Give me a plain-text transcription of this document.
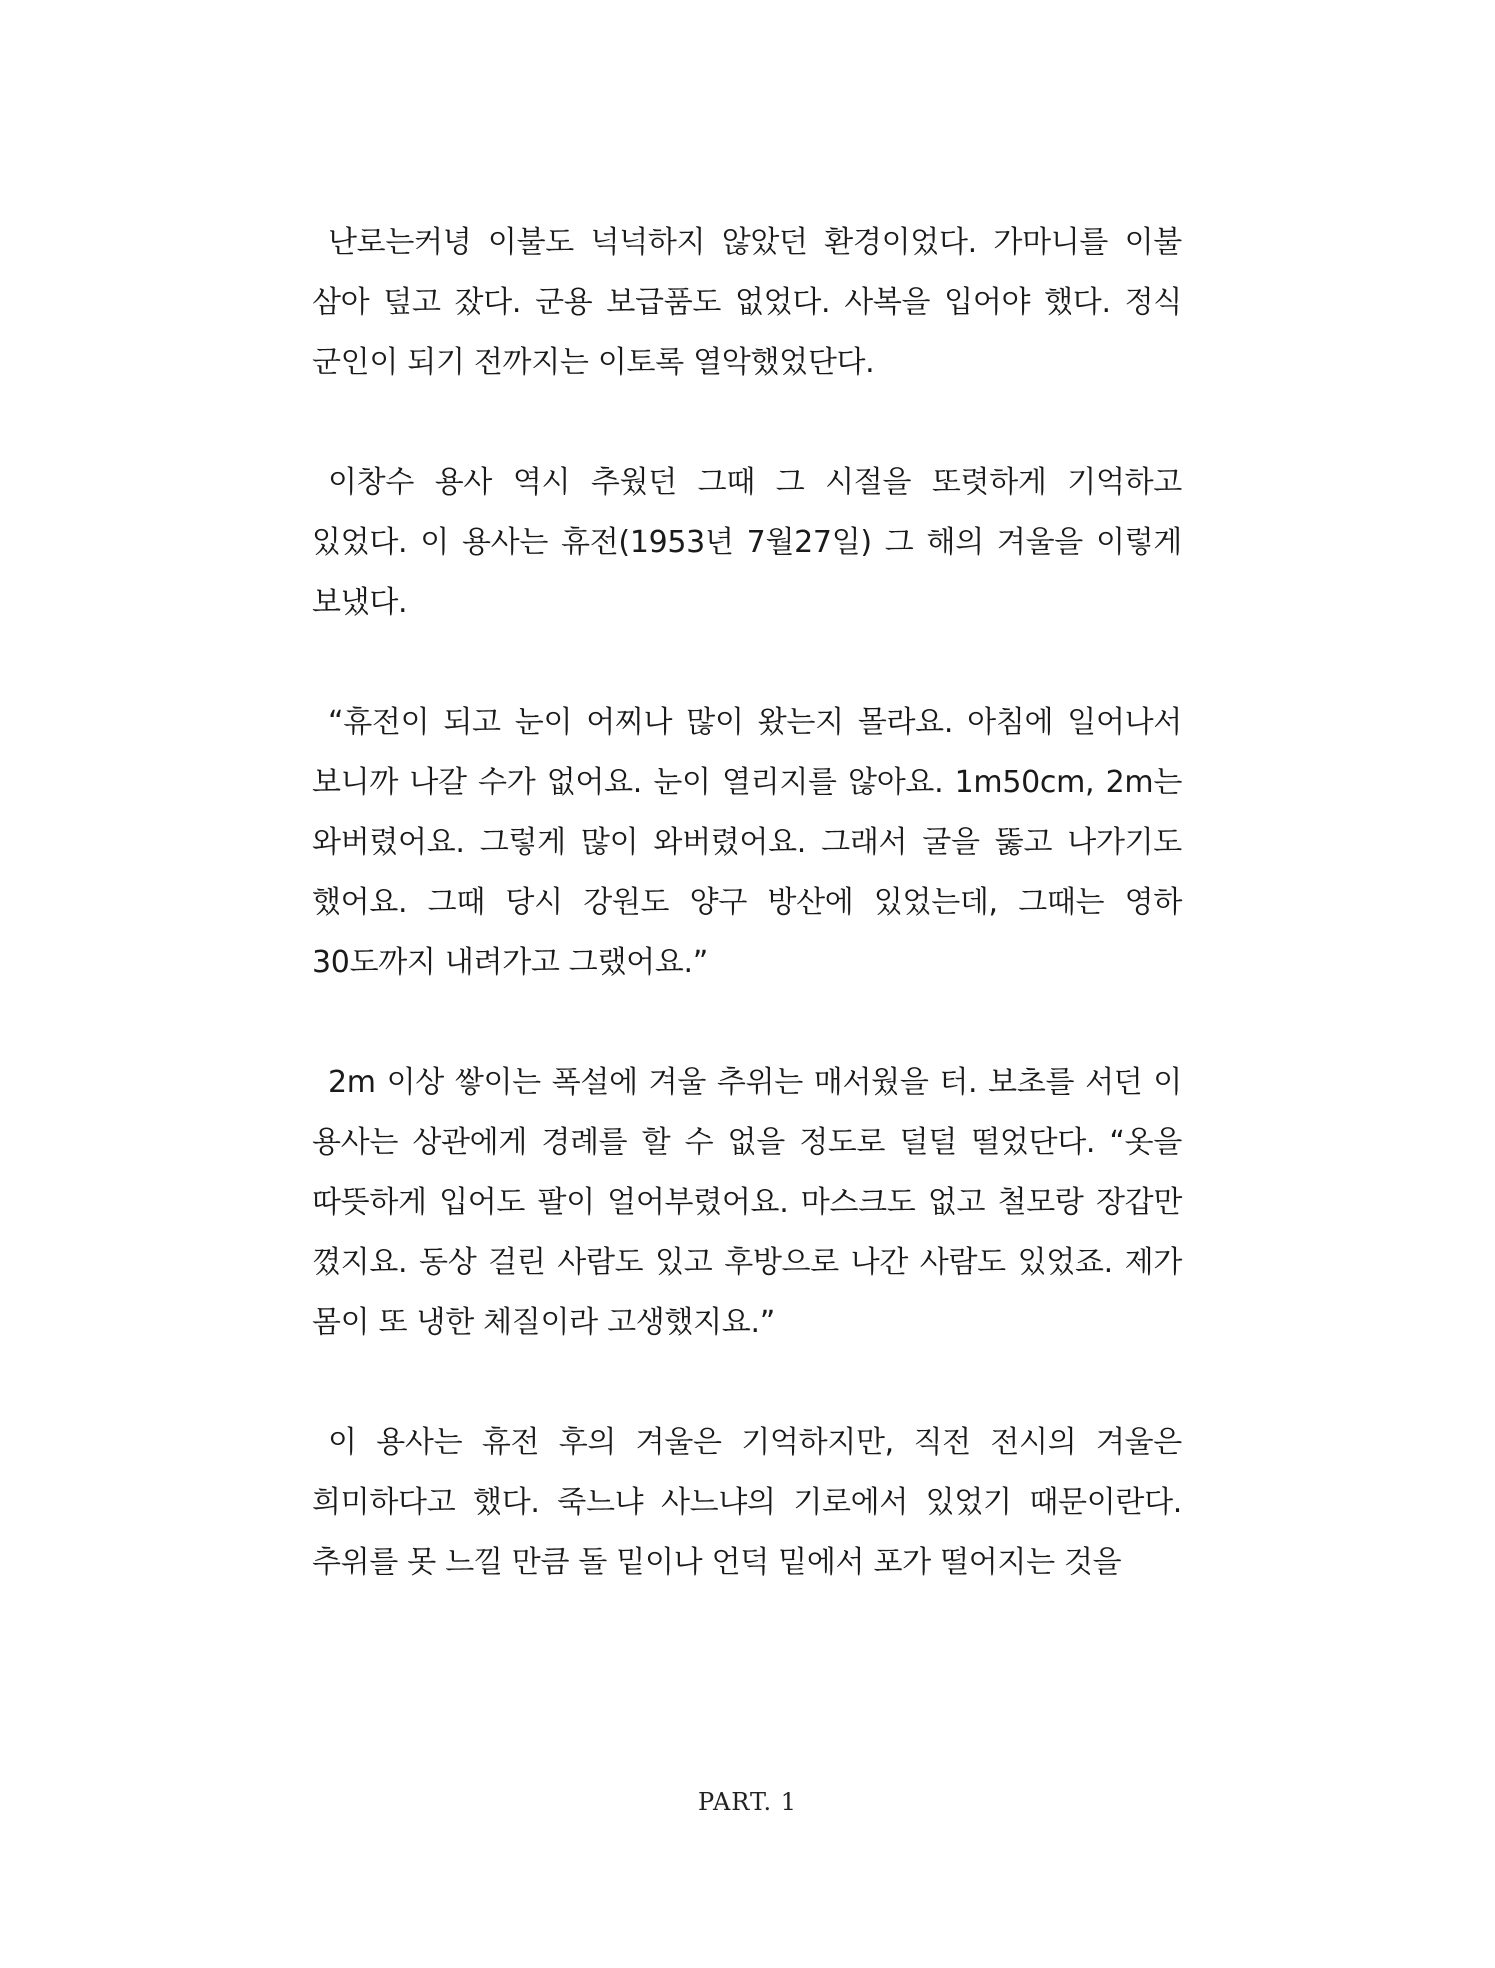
난로는커녕 이불도 넉넉하지 않았던 환경이었다. 가마니를 이불 삼아 덮고 잤다. 군용 보급품도 없었다. 사복을 입어야 했다. 정식 군인이 되기 전까지는 이토록 열악했었단다.

이창수 용사 역시 추웠던 그때 그 시절을 또렷하게 기억하고 있었다. 이 용사는 휴전(1953년 7월27일) 그 해의 겨울을 이렇게 보냈다.

“휴전이 되고 눈이 어찌나 많이 왔는지 몰라요. 아침에 일어나서 보니까 나갈 수가 없어요. 눈이 열리지를 않아요. 1m50cm, 2m는 와버렸어요. 그렇게 많이 와버렸어요. 그래서 굴을 뚫고 나가기도 했어요. 그때 당시 강원도 양구 방산에 있었는데, 그때는 영하 30도까지 내려가고 그랬어요.”

2m 이상 쌓이는 폭설에 겨울 추위는 매서웠을 터. 보초를 서던 이 용사는 상관에게 경례를 할 수 없을 정도로 덜덜 떨었단다. “옷을 따뜻하게 입어도 팔이 얼어부렸어요. 마스크도 없고 철모랑 장갑만 꼈지요. 동상 걸린 사람도 있고 후방으로 나간 사람도 있었죠. 제가 몸이 또 냉한 체질이라 고생했지요.”

이 용사는 휴전 후의 겨울은 기억하지만, 직전 전시의 겨울은 희미하다고 했다. 죽느냐 사느냐의 기로에서 있었기 때문이란다. 추위를 못 느낄 만큼 돌 밑이나 언덕 밑에서 포가 떨어지는 것을

PART. 1
